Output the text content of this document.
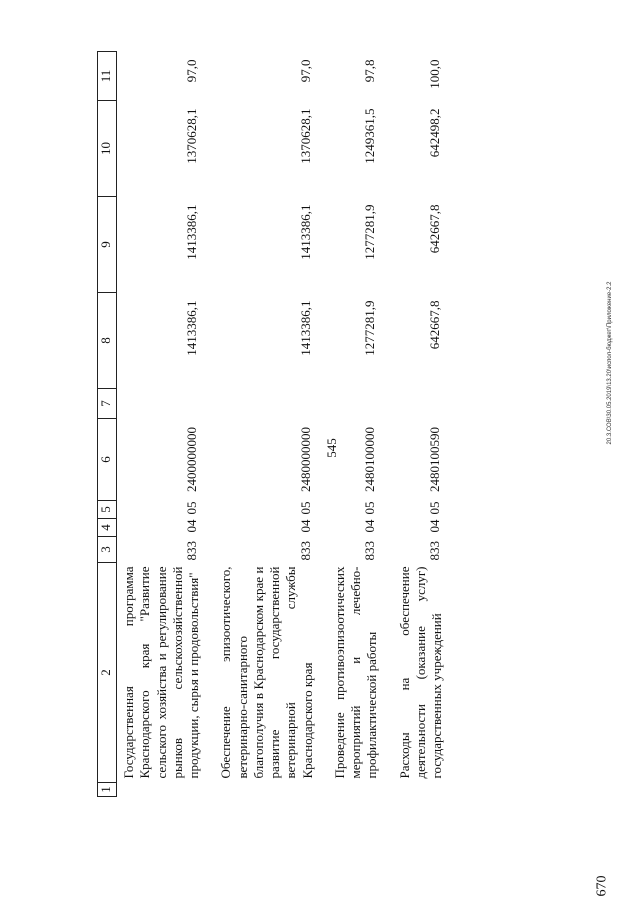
545
20.3.СОВ\30.05.2019\13.20\испол-бюджет\Приложение-2.2
670
1	2	3	4	5	6	7	8	9	10	11
	Государственная программа Краснодарского края "Развитие сельского хозяйства и регулирование рынков сельскохозяйственной продукции, сырья и продовольствия"	833	04	05	2400000000		1413386,1	1413386,1	1370628,1	97,0
	Обеспечение эпизоотического, ветеринарно-санитарного благополучия в Краснодарском крае и развитие государственной ветеринарной службы Краснодарского края	833	04	05	2480000000		1413386,1	1413386,1	1370628,1	97,0
	Проведение противоэпизоотических мероприятий и лечебно-профилактической работы	833	04	05	2480100000		1277281,9	1277281,9	1249361,5	97,8
	Расходы на обеспечение деятельности (оказание услуг) государственных учреждений	833	04	05	2480100590		642667,8	642667,8	642498,2	100,0
